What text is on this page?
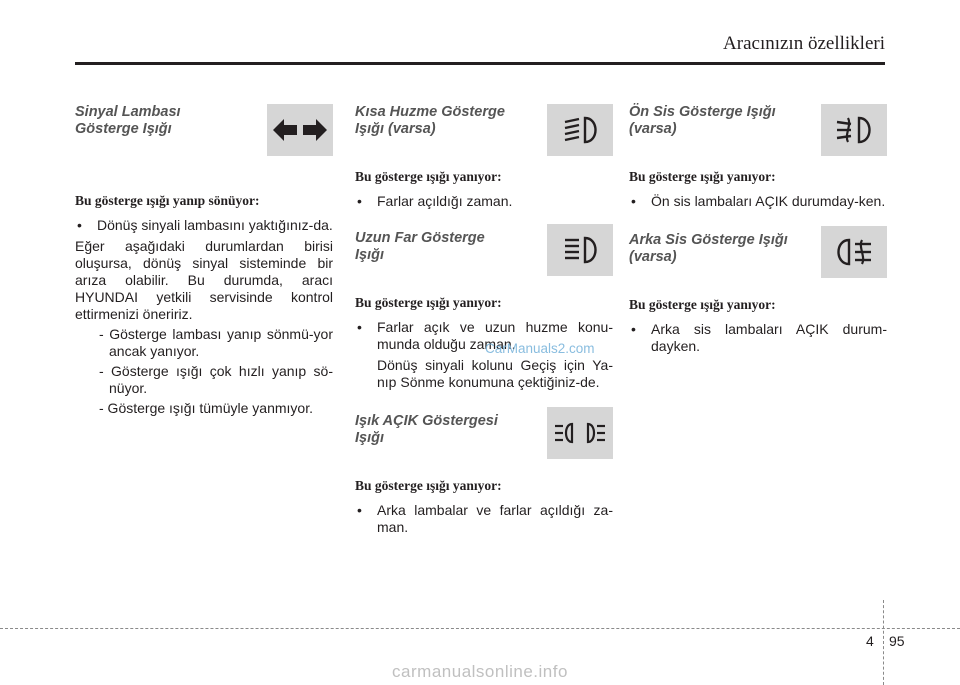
Aracınızın özellikleri
Sinyal Lambası
Gösterge Işığı
Bu gösterge ışığı yanıp sönüyor:
• Dönüş sinyali lambasını yaktığınız-da.
Eğer aşağıdaki durumlardan birisi oluşursa, dönüş sinyal sisteminde bir arıza olabilir. Bu durumda, aracı HYUNDAI yetkili servisinde kontrol ettirmenizi öneririz.
- Gösterge lambası yanıp sönmü-yor ancak yanıyor.
- Gösterge ışığı çok hızlı yanıp sö-nüyor.
- Gösterge ışığı tümüyle yanmıyor.
Kısa Huzme Gösterge
Işığı (varsa)
Bu gösterge ışığı yanıyor:
• Farlar açıldığı zaman.
Uzun Far Gösterge
Işığı
Bu gösterge ışığı yanıyor:
• Farlar açık ve uzun huzme konu-munda olduğu zaman.
Dönüş sinyali kolunu Geçiş için Ya-nıp Sönme konumuna çektiğiniz-de.
Işık AÇIK Göstergesi
Işığı
Bu gösterge ışığı yanıyor:
• Arka lambalar ve farlar açıldığı za-man.
Ön Sis Gösterge Işığı
(varsa)
Bu gösterge ışığı yanıyor:
• Ön sis lambaları AÇIK durumday-ken.
Arka Sis Gösterge Işığı
(varsa)
Bu gösterge ışığı yanıyor:
• Arka sis lambaları AÇIK durum-dayken.
CarManuals2.com
4 95
carmanualsonline.info
